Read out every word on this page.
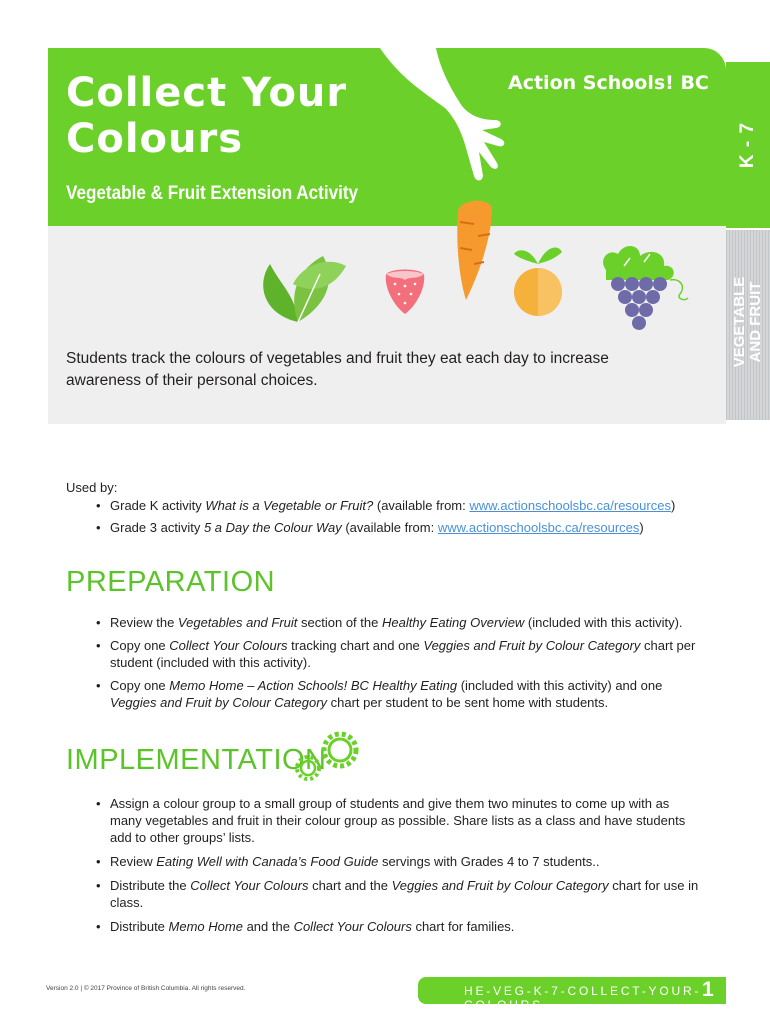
Collect Your
Colours
Vegetable & Fruit Extension Activity
Action Schools! BC
Students track the colours of vegetables and fruit they eat each day to increase awareness of their personal choices.
K - 7
VEGETABLE
AND FRUIT
Used by:
• Grade K activity What is a Vegetable or Fruit? (available from: www.actionschoolsbc.ca/resources)
• Grade 3 activity 5 a Day the Colour Way (available from: www.actionschoolsbc.ca/resources)
PREPARATION
• Review the Vegetables and Fruit section of the Healthy Eating Overview (included with this activity).
• Copy one Collect Your Colours tracking chart and one Veggies and Fruit by Colour Category chart per student (included with this activity).
• Copy one Memo Home – Action Schools! BC Healthy Eating (included with this activity) and one Veggies and Fruit by Colour Category chart per student to be sent home with students.
IMPLEMENTATION
• Assign a colour group to a small group of students and give them two minutes to come up with as many vegetables and fruit in their colour group as possible. Share lists as a class and have students add to other groups’ lists.
• Review Eating Well with Canada’s Food Guide servings with Grades 4 to 7 students..
• Distribute the Collect Your Colours chart and the Veggies and Fruit by Colour Category chart for use in class.
• Distribute Memo Home and the Collect Your Colours chart for families.
Version 2.0 | © 2017 Province of British Columbia. All rights reserved.	HE-VEG-K-7-COLLECT-YOUR-COLOURS
1
